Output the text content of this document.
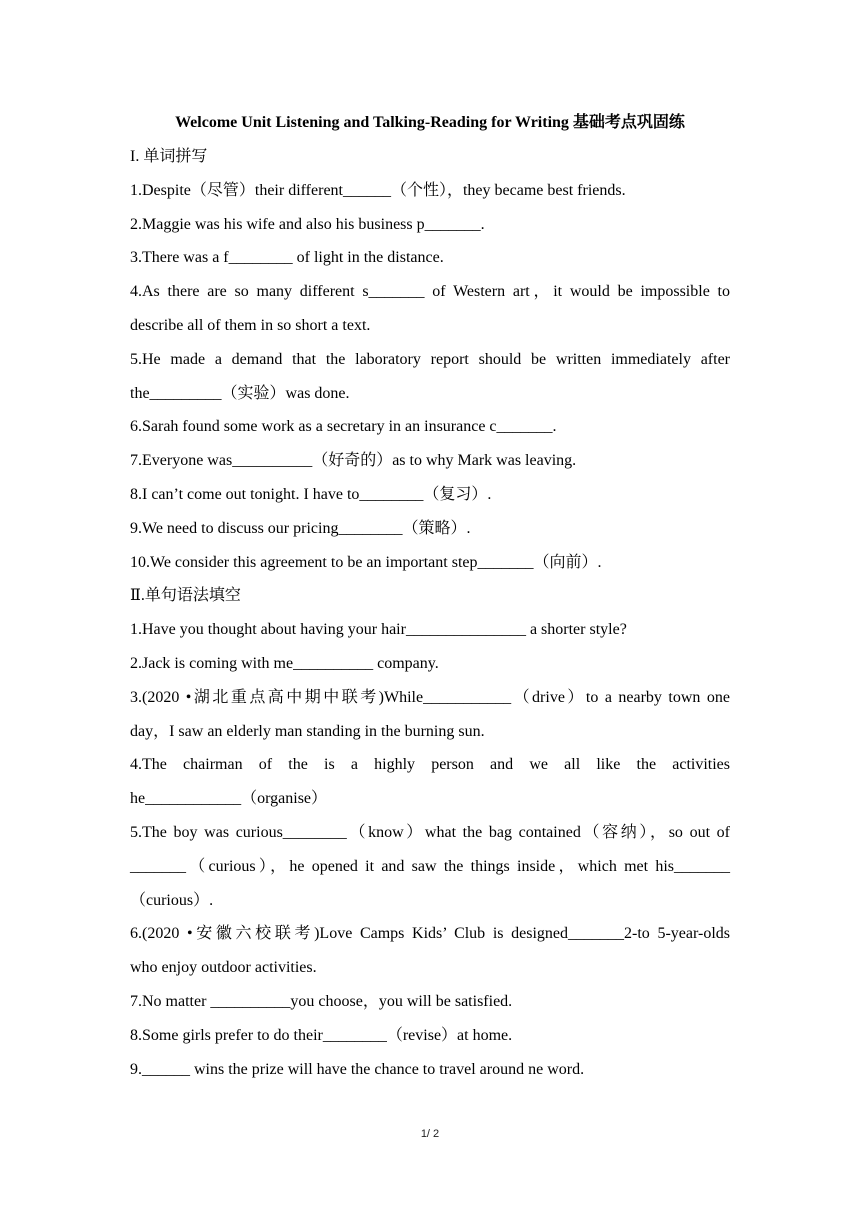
Welcome Unit Listening and Talking-Reading for Writing 基础考点巩固练
I. 单词拼写
1.Despite（尽管）their different______（个性），they became best friends.
2.Maggie was his wife and also his business p_______.
3.There was a f________ of light in the distance.
4.As there are so many different s_______ of Western art，it would be impossible to
describe all of them in so short a text.
5.He made a demand that the laboratory report should be written immediately after
the_________（实验）was done.
6.Sarah found some work as a secretary in an insurance c_______.
7.Everyone was__________（好奇的）as to why Mark was leaving.
8.I can’t come out tonight. I have to________（复习）.
9.We need to discuss our pricing________（策略）.
10.We consider this agreement to be an important step_______（向前）.
Ⅱ.单句语法填空
1.Have you thought about having your hair_______________ a shorter style?
2.Jack is coming with me__________ company.
3.(2020 •湖北重点高中期中联考)While___________（drive）to a nearby town one
day，I saw an elderly man standing in the burning sun.
4.The chairman of the is a highly person and we all like the activities
he____________（organise）
5.The boy was curious________（know）what the bag contained（容纳），so out of
_______（curious），he opened it and saw the things inside，which met his_______
（curious）.
6.(2020 •安徽六校联考)Love Camps Kids’ Club is designed_______2-to 5-year-olds
who enjoy outdoor activities.
7.No matter __________you choose，you will be satisfied.
8.Some girls prefer to do their________（revise）at home.
9.______ wins the prize will have the chance to travel around ne word.
1/ 2
